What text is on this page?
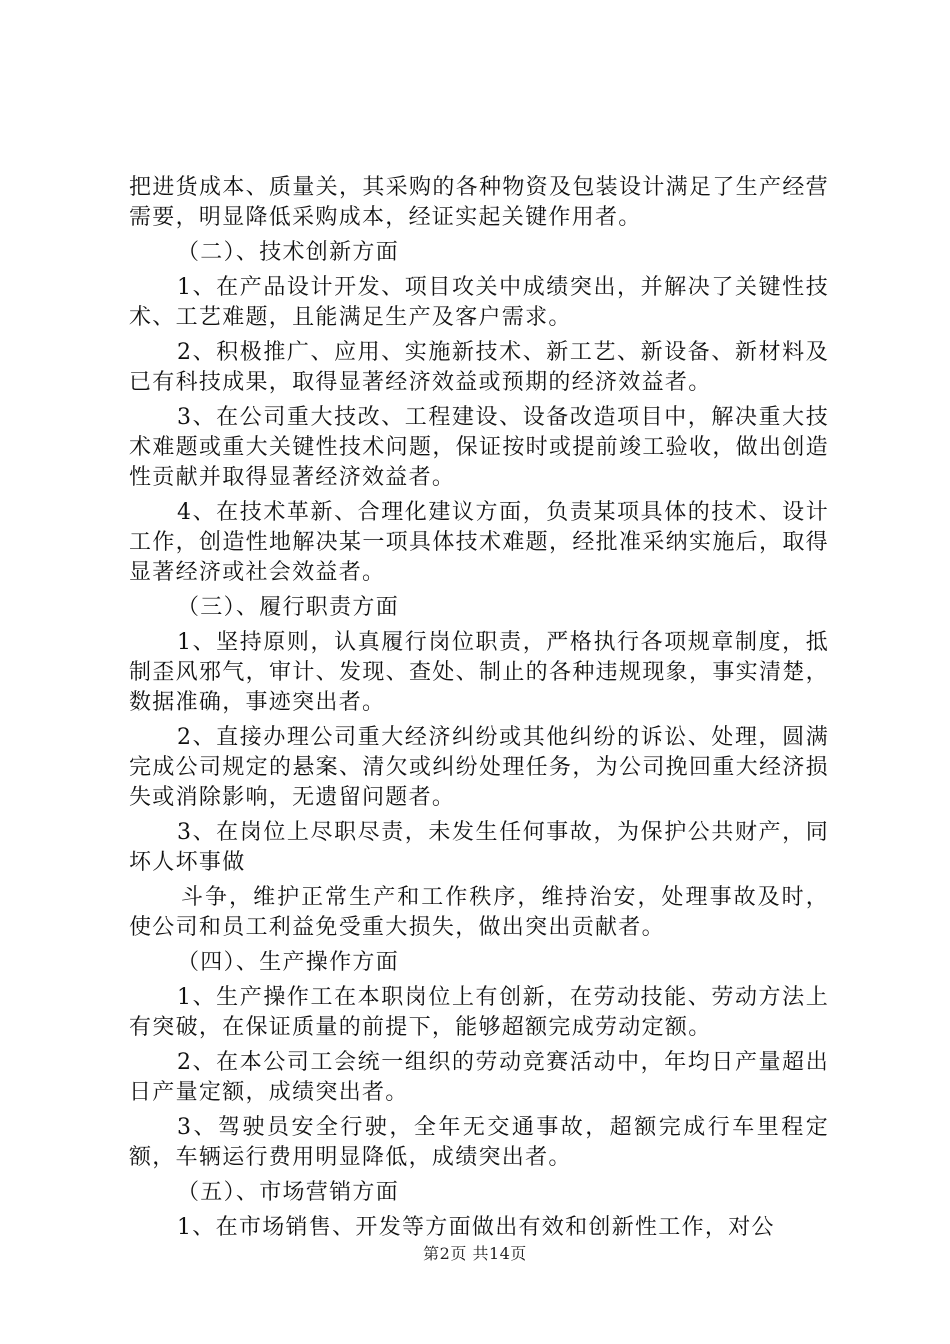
把进货成本、质量关，其采购的各种物资及包装设计满足了生产经营需要，明显降低采购成本，经证实起关键作用者。

（二）、技术创新方面

1、在产品设计开发、项目攻关中成绩突出，并解决了关键性技术、工艺难题，且能满足生产及客户需求。

2、积极推广、应用、实施新技术、新工艺、新设备、新材料及已有科技成果，取得显著经济效益或预期的经济效益者。

3、在公司重大技改、工程建设、设备改造项目中，解决重大技术难题或重大关键性技术问题，保证按时或提前竣工验收，做出创造性贡献并取得显著经济效益者。

4、在技术革新、合理化建议方面，负责某项具体的技术、设计工作，创造性地解决某一项具体技术难题，经批准采纳实施后，取得显著经济或社会效益者。

（三）、履行职责方面

1、坚持原则，认真履行岗位职责，严格执行各项规章制度，抵制歪风邪气，审计、发现、查处、制止的各种违规现象，事实清楚，数据准确，事迹突出者。

2、直接办理公司重大经济纠纷或其他纠纷的诉讼、处理，圆满完成公司规定的悬案、清欠或纠纷处理任务，为公司挽回重大经济损失或消除影响，无遗留问题者。

3、在岗位上尽职尽责，未发生任何事故，为保护公共财产，同坏人坏事做

斗争，维护正常生产和工作秩序，维持治安，处理事故及时，使公司和员工利益免受重大损失，做出突出贡献者。

（四）、生产操作方面

1、生产操作工在本职岗位上有创新，在劳动技能、劳动方法上有突破，在保证质量的前提下，能够超额完成劳动定额。

2、在本公司工会统一组织的劳动竞赛活动中，年均日产量超出日产量定额，成绩突出者。

3、驾驶员安全行驶，全年无交通事故，超额完成行车里程定额，车辆运行费用明显降低，成绩突出者。

（五）、市场营销方面

1、在市场销售、开发等方面做出有效和创新性工作，对公

第2页 共14页
